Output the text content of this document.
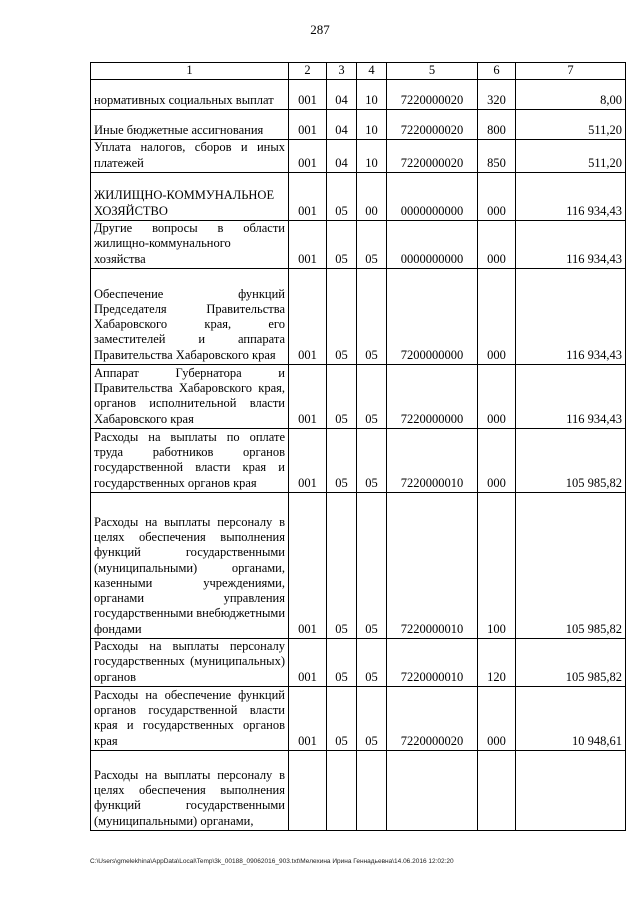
287
1	2	3	4	5	6	7
нормативных социальных выплат	001	04	10	7220000020	320	8,00
Иные бюджетные ассигнования	001	04	10	7220000020	800	511,20
Уплата налогов, сборов и иных платежей	001	04	10	7220000020	850	511,20
ЖИЛИЩНО-КОММУНАЛЬНОЕ ХОЗЯЙСТВО	001	05	00	0000000000	000	116 934,43
Другие вопросы в области жилищно-коммунального хозяйства	001	05	05	0000000000	000	116 934,43
Обеспечение функций Председателя Правительства Хабаровского края, его заместителей и аппарата Правительства Хабаровского края	001	05	05	7200000000	000	116 934,43
Аппарат Губернатора и Правительства Хабаровского края, органов исполнительной власти Хабаровского края	001	05	05	7220000000	000	116 934,43
Расходы на выплаты по оплате труда работников органов государственной власти края и государственных органов края	001	05	05	7220000010	000	105 985,82
Расходы на выплаты персоналу в целях обеспечения выполнения функций государственными (муниципальными) органами, казенными учреждениями, органами управления государственными внебюджетными фондами	001	05	05	7220000010	100	105 985,82
Расходы на выплаты персоналу государственных (муниципальных) органов	001	05	05	7220000010	120	105 985,82
Расходы на обеспечение функций органов государственной власти края и государственных органов края	001	05	05	7220000020	000	10 948,61
Расходы на выплаты персоналу в целях обеспечения выполнения функций государственными (муниципальными) органами,						
C:\Users\gmelekhina\AppData\Local\Temp\3k_00188_09062016_903.txt\Мелехина Ирина Геннадьевна\14.06.2016 12:02:20
